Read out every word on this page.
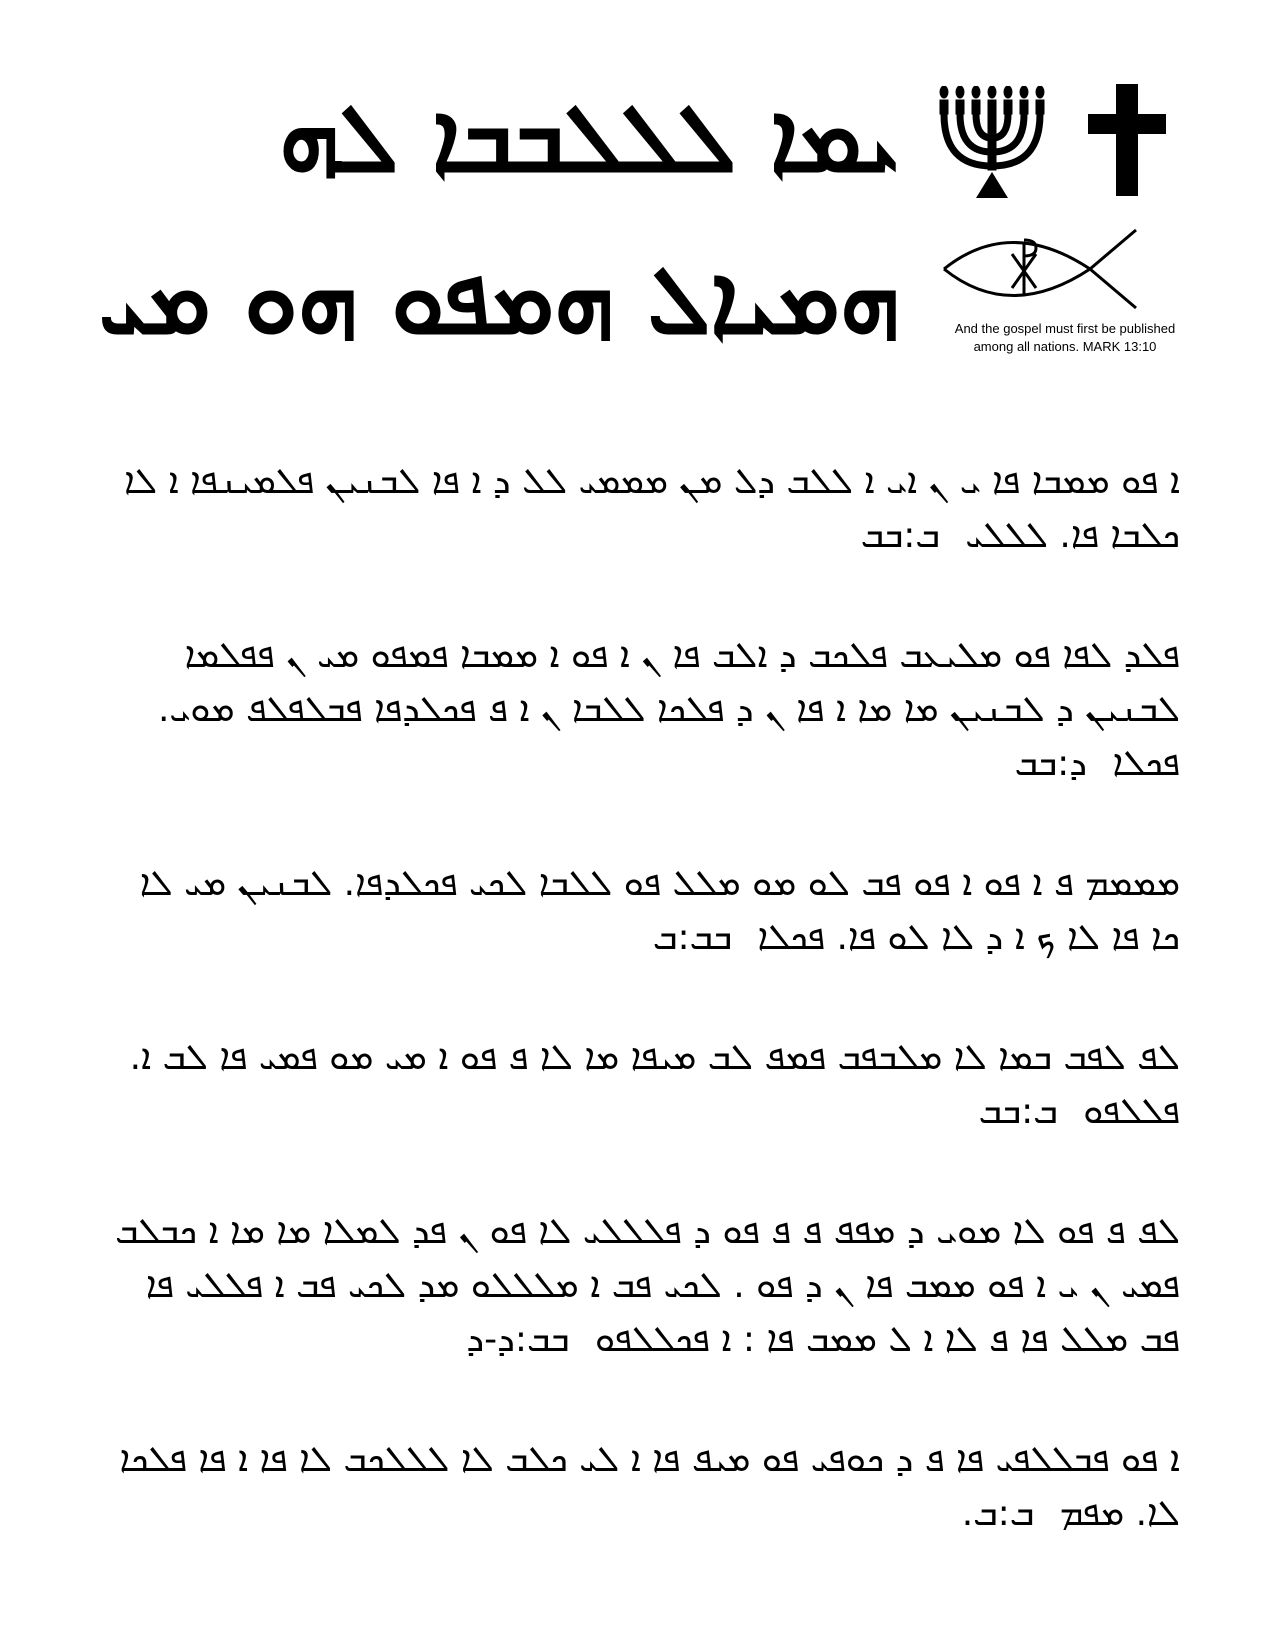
ܝܡܐ ܠܠܠܒܒܐ ܠܗ
ܗܡܝܐܠ ܗܡܦܘ ܗܘ ܡܝ	And the gospel must first be published
among all nations. MARK 13:10

ܐ ܦܘ ܡܡܒܐ ܦܐ ܝ ܢ ܐܝ ܐ ܠܠܒ ܕܠ ܡܢ ܡܡܡܝ ܠܠ ܕ ܐ ܦܐ ܠܒܢܝܢ ܦܠܡܝܢܦܐ ܐ ܠܐ ܟܠܒܐ ܦܐ. ܠܠܠܝ ܒ:ܒܒ

ܦܠܕ ܠܦܐ ܦܘ ܡܠܝܥܒ ܦܠܟܒ ܕ ܐܠܒ ܦܐ ܢ ܐ ܦܘ ܐ ܡܡܒܐ ܦܡܦܘ ܡܝ ܢ ܦܦܠܡܐ ܠܒܢܝܢ ܕ ܠܒܢܝܢ ܡܐ ܡܐ ܐ ܦܐ ܢ ܕ ܦܠܟܐ ܠܠܒܐ ܢ ܐ ܦ ܦܟܠܕܦܐ ܦܒܠܦܠܦ ܡܘܝ. ܦܟܠܐ ܕ:ܒܒ

ܡܡܡܡ ܦ ܐ ܦܘ ܐ ܦܘ ܦܒ ܠܘ ܡܘ ܡܠܠ ܦܘ ܠܠܒܐ ܠܟܝ ܦܟܠܕܦܐ. ܠܒܢܝܢ ܡܝ ܠܐ ܟܐ ܦܐ ܠܐ ܟ ܐ ܕ ܠܐ ܠܘ ܦܐ. ܦܟܠܐ ܒܒ:ܒ

ܠܦ ܠܦܒ ܒܡܐ ܠܐ ܡܠܒܦܒ ܦܡܦ ܠܒ ܡܝܦܐ ܡܐ ܠܐ ܦ ܦܘ ܐ ܡܝ ܡܘ ܦܡܝ ܦܐ ܠܒ ܐ. ܦܠܠܦܘ ܒ:ܒܒ

ܠܦ ܦ ܦܘ ܠܐ ܡܘܝ ܕ ܡܦܦ ܦ ܦ ܦܘ ܕ ܦܠܠܠܝ ܠܐ ܦܘ ܢ ܦܕ ܠܡܠܐ ܡܐ ܡܐ ܐ ܟܒܠܒ ܦܡܝ ܢ ܝ ܐ ܦܘ ܡܡܒ ܦܐ ܢ ܕ ܦܘ . ܠܟܝ ܦܒ ܐ ܡܠܠܠܘ ܡܕ ܠܟܝ ܦܒ ܐ ܦܠܠܝ ܦܐ ܦܒ ܡܠܠ ܦܐ ܦ ܠܐ ܐ ܠ ܡܡܒ ܦܐ : ܐ ܦܟܠܠܦܘ ܒܒ:ܕ-ܕ

ܐ ܦܘ ܦܒܠܠܦܝ ܦܐ ܦ ܕ ܟܘܦܝ ܦܘ ܡܝܦ ܦܐ ܐ ܠܝ ܟܠܒ ܠܐ ܠܠܠܟܒ ܠܐ ܦܐ ܐ ܦܐ ܦܠܟܐ ܠܐ. ܡܦܡ ܒ:ܒ.
